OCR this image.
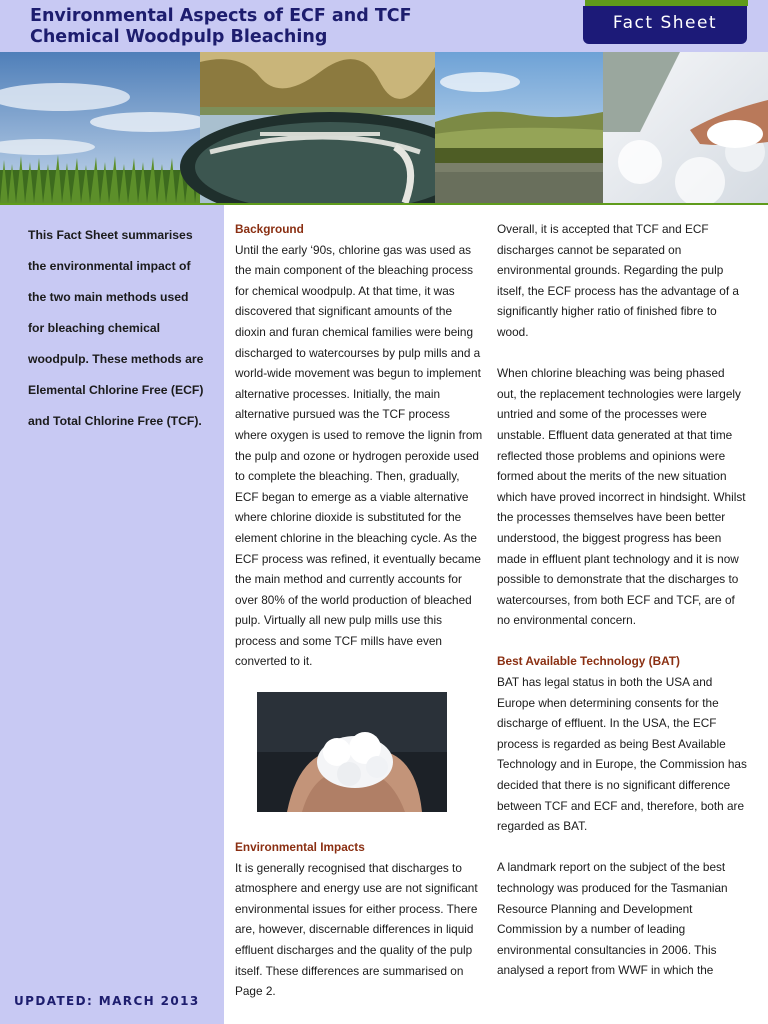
Environmental Aspects of ECF and TCF
Chemical Woodpulp Bleaching
Fact Sheet

This Fact Sheet summarises the environmental impact of the two main methods used for bleaching chemical woodpulp. These methods are Elemental Chlorine Free (ECF) and Total Chlorine Free (TCF).

UPDATED: MARCH 2013
Background

Until the early ‘90s, chlorine gas was used as the main component of the bleaching process for chemical woodpulp. At that time, it was discovered that significant amounts of the dioxin and furan chemical families were being discharged to watercourses by pulp mills and a world-wide movement was begun to implement alternative processes. Initially, the main alternative pursued was the TCF process where oxygen is used to remove the lignin from the pulp and ozone or hydrogen peroxide used to complete the bleaching. Then, gradually, ECF began to emerge as a viable alternative where chlorine dioxide is substituted for the element chlorine in the bleaching cycle. As the ECF process was refined, it eventually became the main method and currently accounts for over 80% of the world production of bleached pulp. Virtually all new pulp mills use this process and some TCF mills have even converted to it.

Environmental Impacts

It is generally recognised that discharges to atmosphere and energy use are not significant environmental issues for either process. There are, however, discernable differences in liquid effluent discharges and the quality of the pulp itself. These differences are summarised on Page 2.

Overall, it is accepted that TCF and ECF discharges cannot be separated on environmental grounds. Regarding the pulp itself, the ECF process has the advantage of a significantly higher ratio of finished fibre to wood.

When chlorine bleaching was being phased out, the replacement technologies were largely untried and some of the processes were unstable. Effluent data generated at that time reflected those problems and opinions were formed about the merits of the new situation which have proved incorrect in hindsight. Whilst the processes themselves have been better understood, the biggest progress has been made in effluent plant technology and it is now possible to demonstrate that the discharges to watercourses, from both ECF and TCF, are of no environmental concern.

Best Available Technology (BAT)

BAT has legal status in both the USA and Europe when determining consents for the discharge of effluent. In the USA, the ECF process is regarded as being Best Available Technology and in Europe, the Commission has decided that there is no significant difference between TCF and ECF and, therefore, both are regarded as BAT.

A landmark report on the subject of the best technology was produced for the Tasmanian Resource Planning and Development Commission by a number of leading environmental consultancies in 2006. This analysed a report from WWF in which the
